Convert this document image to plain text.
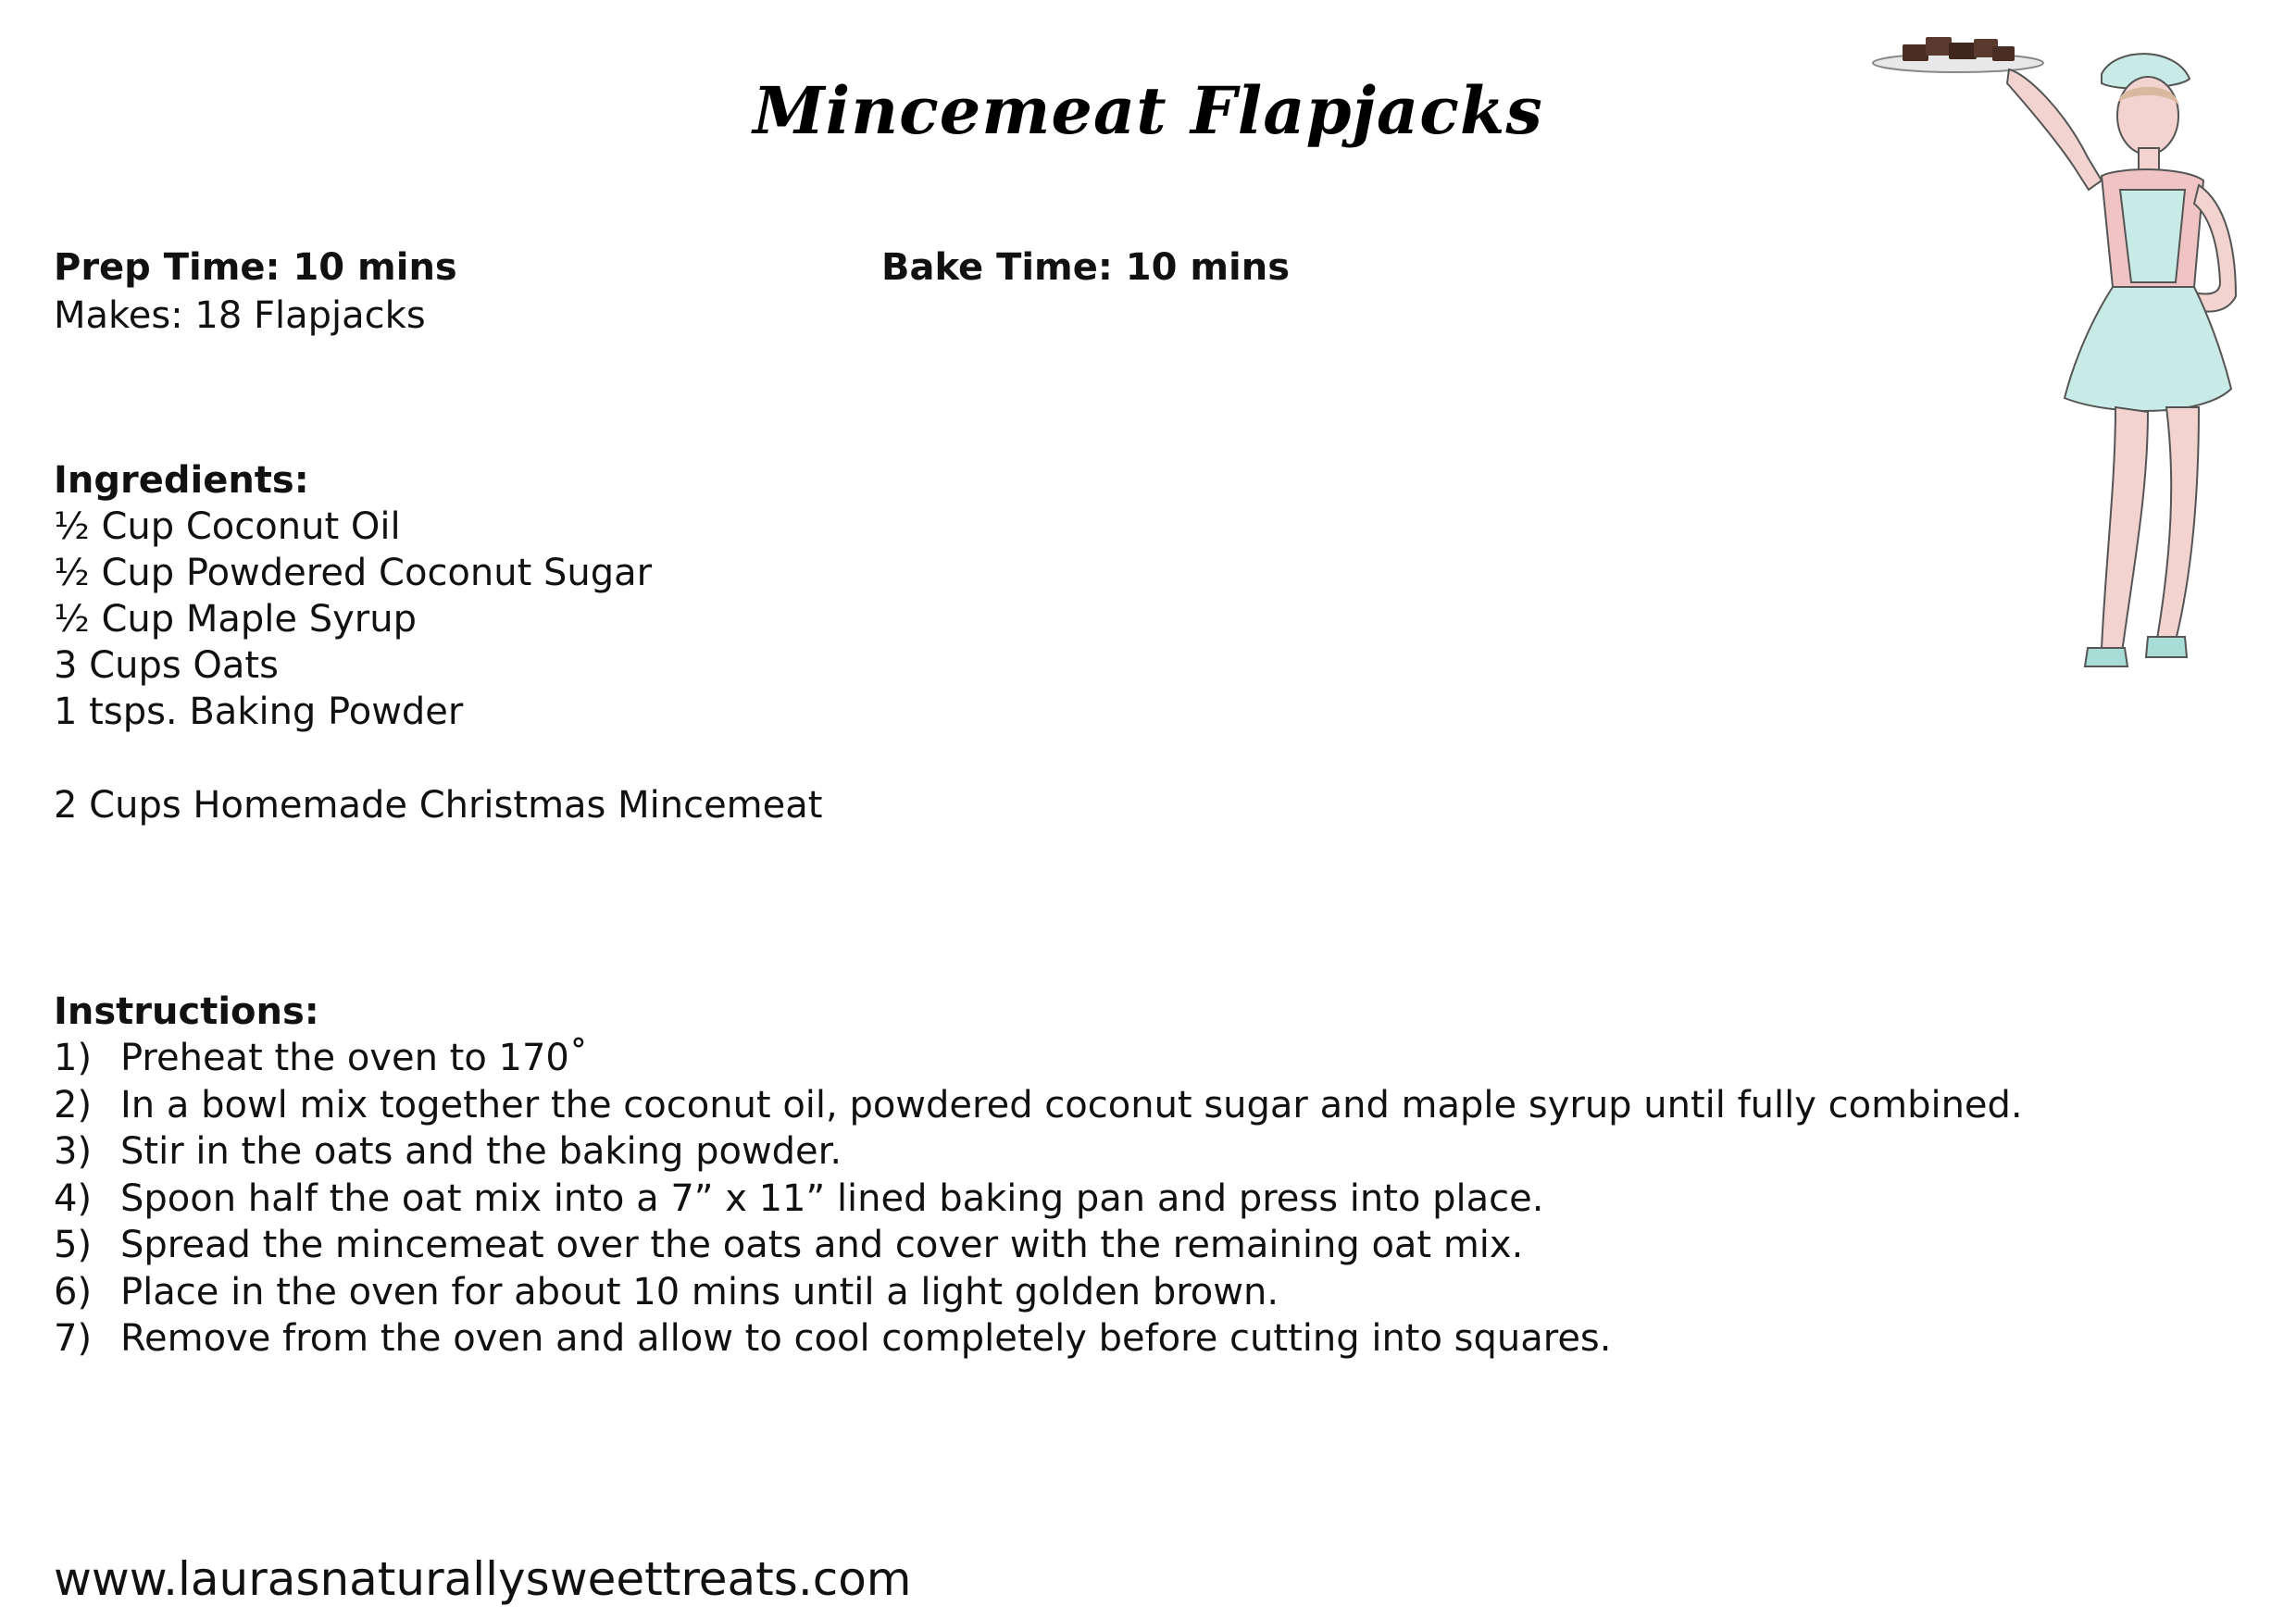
Mincemeat Flapjacks
Prep Time: 10 mins	Bake Time: 10 mins
Makes: 18 Flapjacks
Ingredients:
½ Cup Coconut Oil
½ Cup Powdered Coconut Sugar
½ Cup Maple Syrup
3 Cups Oats
1 tsps. Baking Powder
2 Cups Homemade Christmas Mincemeat
Instructions:
1) Preheat the oven to 170˚
2) In a bowl mix together the coconut oil, powdered coconut sugar and maple syrup until fully combined.
3) Stir in the oats and the baking powder.
4) Spoon half the oat mix into a 7” x 11” lined baking pan and press into place.
5) Spread the mincemeat over the oats and cover with the remaining oat mix.
6) Place in the oven for about 10 mins until a light golden brown.
7) Remove from the oven and allow to cool completely before cutting into squares.
www.laurasnaturallysweettreats.com
